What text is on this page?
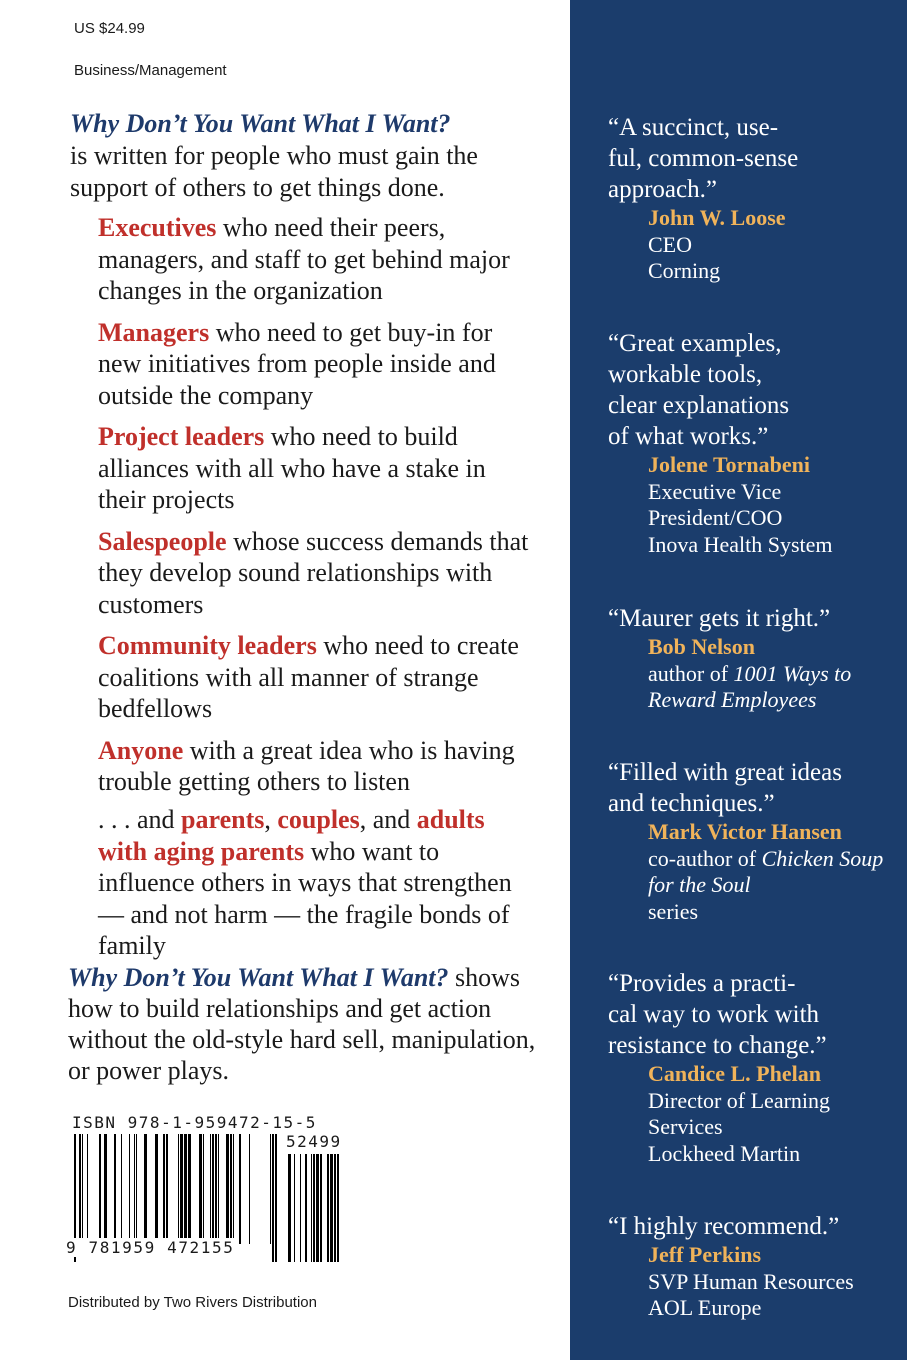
US $24.99
Business/Management
Why Don’t You Want What I Want?
is written for people who must gain the support of others to get things done.
Executives who need their peers, managers, and staff to get behind major changes in the organization
Managers who need to get buy-in for new initiatives from people inside and outside the company
Project leaders who need to build alliances with all who have a stake in their projects
Salespeople whose success demands that they develop sound relationships with customers
Community leaders who need to create coalitions with all manner of strange bedfellows
Anyone with a great idea who is having trouble getting others to listen
. . . and parents, couples, and adults with aging parents who want to influence others in ways that strengthen — and not harm — the fragile bonds of family
Why Don’t You Want What I Want? shows how to build relationships and get action without the old-style hard sell, manipulation, or power plays.
ISBN 978-1-959472-15-5
52499
9 781959 472155
Distributed by Two Rivers Distribution
“A succinct, use-
ful, common-sense
approach.”
John W. Loose
CEO
Corning
“Great examples,
workable tools,
clear explanations
of what works.”
Jolene Tornabeni
Executive Vice
President/COO
Inova Health System
“Maurer gets it right.”
Bob Nelson
author of 1001 Ways to Reward Employees
“Filled with great ideas
and techniques.”
Mark Victor Hansen
co-author of Chicken Soup for the Soul
series
“Provides a practi-
cal way to work with
resistance to change.”
Candice L. Phelan
Director of Learning
Services
Lockheed Martin
“I highly recommend.”
Jeff Perkins
SVP Human Resources
AOL Europe
